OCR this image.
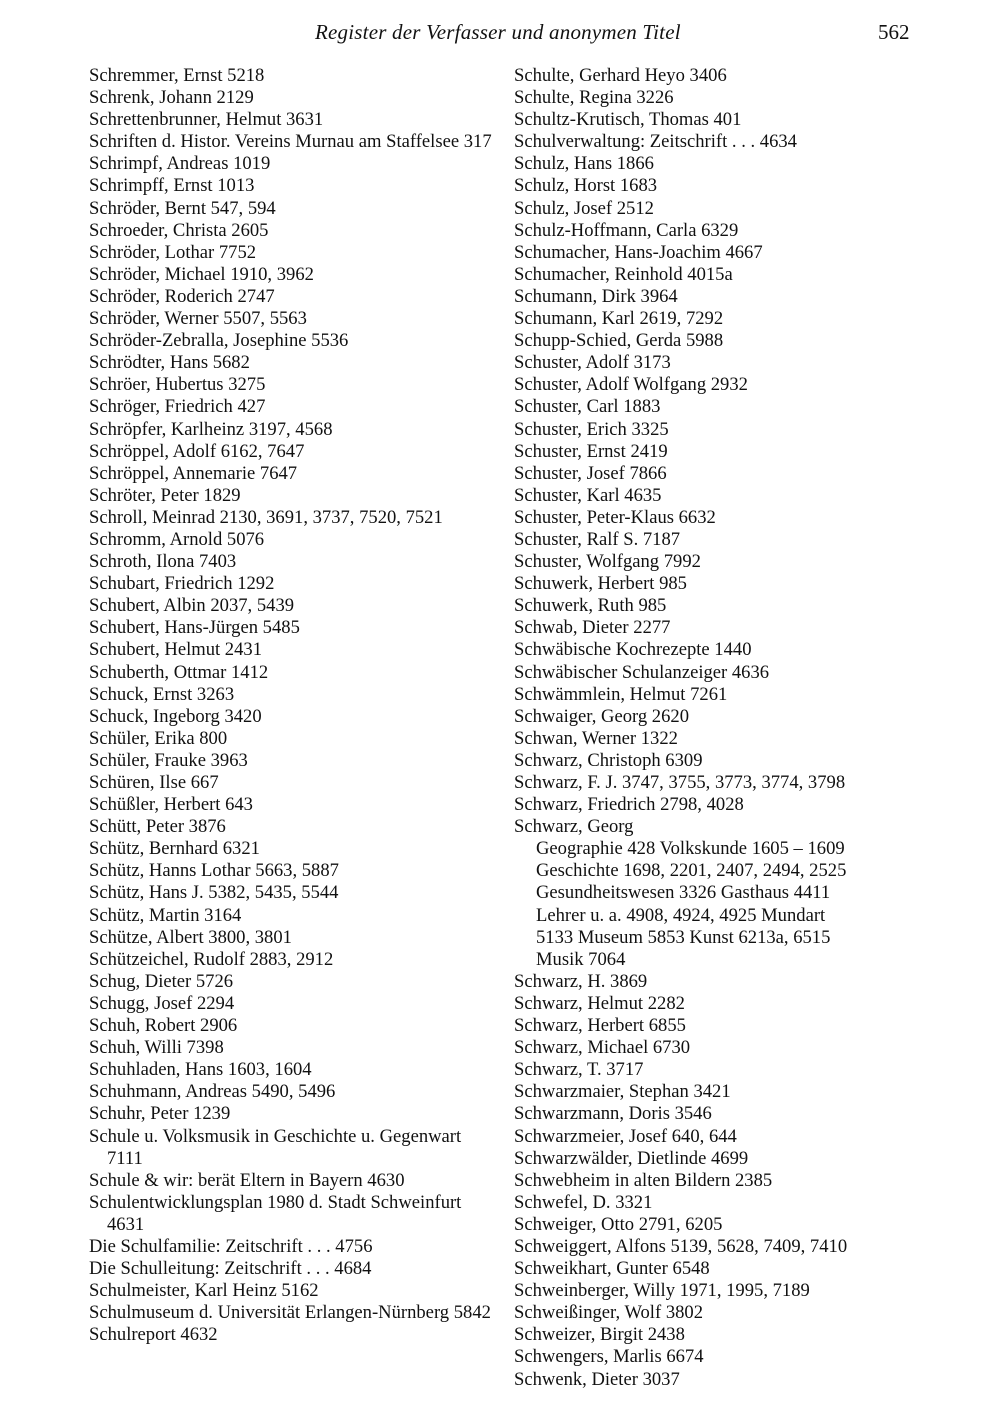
Register der Verfasser und anonymen Titel	562
Schremmer, Ernst 5218
Schrenk, Johann 2129
Schrettenbrunner, Helmut 3631
Schriften d. Histor. Vereins Murnau am Staffelsee 317
Schrimpf, Andreas 1019
Schrimpff, Ernst 1013
Schröder, Bernt 547, 594
Schroeder, Christa 2605
Schröder, Lothar 7752
Schröder, Michael 1910, 3962
Schröder, Roderich 2747
Schröder, Werner 5507, 5563
Schröder-Zebralla, Josephine 5536
Schrödter, Hans 5682
Schröer, Hubertus 3275
Schröger, Friedrich 427
Schröpfer, Karlheinz 3197, 4568
Schröppel, Adolf 6162, 7647
Schröppel, Annemarie 7647
Schröter, Peter 1829
Schroll, Meinrad 2130, 3691, 3737, 7520, 7521
Schromm, Arnold 5076
Schroth, Ilona 7403
Schubart, Friedrich 1292
Schubert, Albin 2037, 5439
Schubert, Hans-Jürgen 5485
Schubert, Helmut 2431
Schuberth, Ottmar 1412
Schuck, Ernst 3263
Schuck, Ingeborg 3420
Schüler, Erika 800
Schüler, Frauke 3963
Schüren, Ilse 667
Schüßler, Herbert 643
Schütt, Peter 3876
Schütz, Bernhard 6321
Schütz, Hanns Lothar 5663, 5887
Schütz, Hans J. 5382, 5435, 5544
Schütz, Martin 3164
Schütze, Albert 3800, 3801
Schützeichel, Rudolf 2883, 2912
Schug, Dieter 5726
Schugg, Josef 2294
Schuh, Robert 2906
Schuh, Willi 7398
Schuhladen, Hans 1603, 1604
Schuhmann, Andreas 5490, 5496
Schuhr, Peter 1239
Schule u. Volksmusik in Geschichte u. Gegenwart 7111
Schule & wir: berät Eltern in Bayern 4630
Schulentwicklungsplan 1980 d. Stadt Schweinfurt 4631
Die Schulfamilie: Zeitschrift . . . 4756
Die Schulleitung: Zeitschrift . . . 4684
Schulmeister, Karl Heinz 5162
Schulmuseum d. Universität Erlangen-Nürnberg 5842
Schulreport 4632
Schulte, Gerhard Heyo 3406
Schulte, Regina 3226
Schultz-Krutisch, Thomas 401
Schulverwaltung: Zeitschrift . . . 4634
Schulz, Hans 1866
Schulz, Horst 1683
Schulz, Josef 2512
Schulz-Hoffmann, Carla 6329
Schumacher, Hans-Joachim 4667
Schumacher, Reinhold 4015a
Schumann, Dirk 3964
Schumann, Karl 2619, 7292
Schupp-Schied, Gerda 5988
Schuster, Adolf 3173
Schuster, Adolf Wolfgang 2932
Schuster, Carl 1883
Schuster, Erich 3325
Schuster, Ernst 2419
Schuster, Josef 7866
Schuster, Karl 4635
Schuster, Peter-Klaus 6632
Schuster, Ralf S. 7187
Schuster, Wolfgang 7992
Schuwerk, Herbert 985
Schuwerk, Ruth 985
Schwab, Dieter 2277
Schwäbische Kochrezepte 1440
Schwäbischer Schulanzeiger 4636
Schwämmlein, Helmut 7261
Schwaiger, Georg 2620
Schwan, Werner 1322
Schwarz, Christoph 6309
Schwarz, F. J. 3747, 3755, 3773, 3774, 3798
Schwarz, Friedrich 2798, 4028
Schwarz, Georg
Geographie 428 Volkskunde 1605 – 1609
Geschichte 1698, 2201, 2407, 2494, 2525
Gesundheitswesen 3326 Gasthaus 4411
Lehrer u. a. 4908, 4924, 4925 Mundart
5133 Museum 5853 Kunst 6213a, 6515
Musik 7064
Schwarz, H. 3869
Schwarz, Helmut 2282
Schwarz, Herbert 6855
Schwarz, Michael 6730
Schwarz, T. 3717
Schwarzmaier, Stephan 3421
Schwarzmann, Doris 3546
Schwarzmeier, Josef 640, 644
Schwarzwälder, Dietlinde 4699
Schwebheim in alten Bildern 2385
Schwefel, D. 3321
Schweiger, Otto 2791, 6205
Schweiggert, Alfons 5139, 5628, 7409, 7410
Schweikhart, Gunter 6548
Schweinberger, Willy 1971, 1995, 7189
Schweißinger, Wolf 3802
Schweizer, Birgit 2438
Schwengers, Marlis 6674
Schwenk, Dieter 3037
